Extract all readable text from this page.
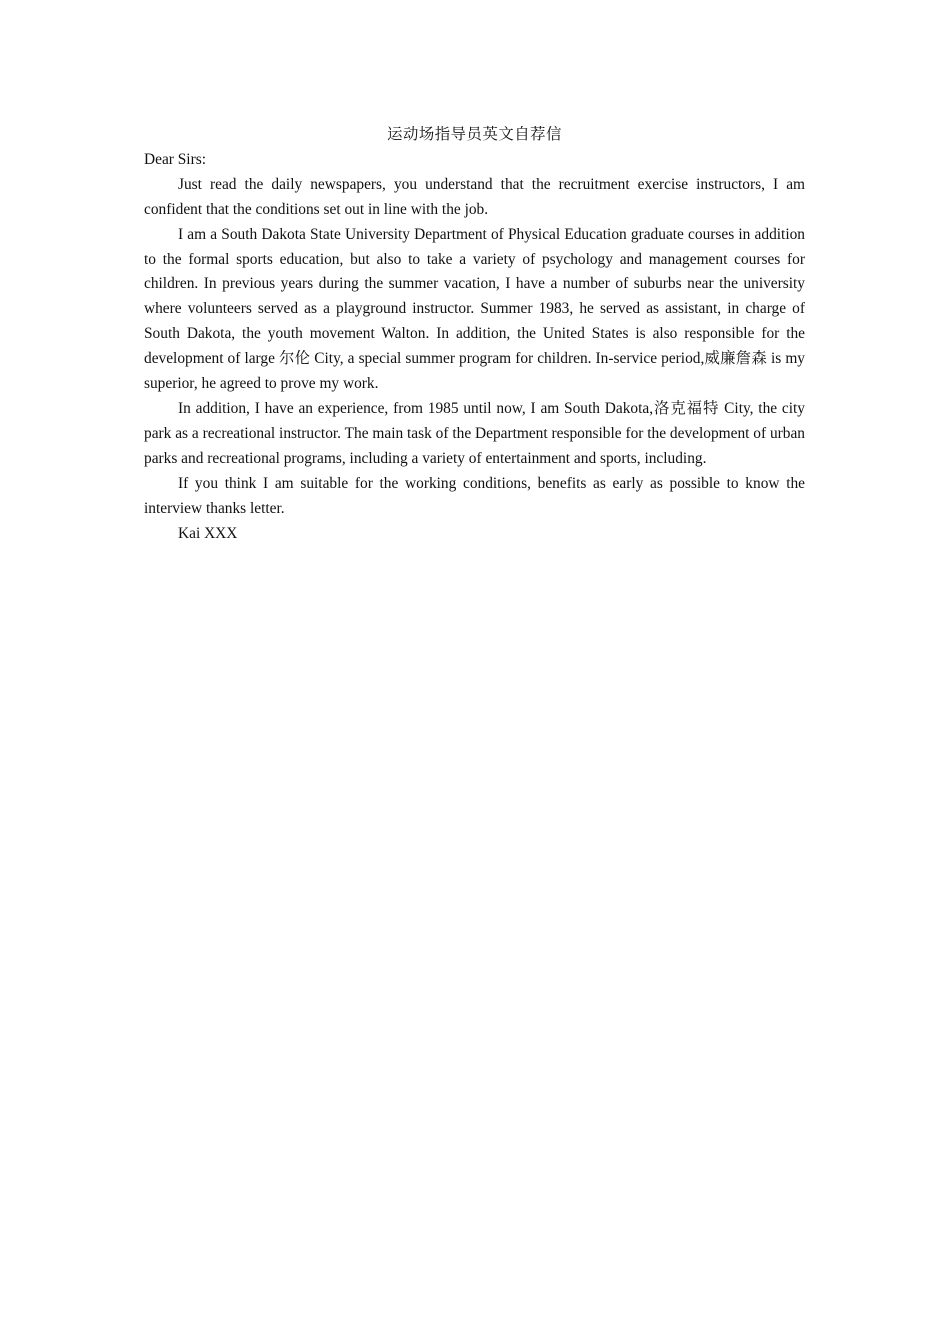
运动场指导员英文自荐信

Dear Sirs:

Just read the daily newspapers, you understand that the recruitment exercise instructors, I am confident that the conditions set out in line with the job.

I am a South Dakota State University Department of Physical Education graduate courses in addition to the formal sports education, but also to take a variety of psychology and management courses for children. In previous years during the summer vacation, I have a number of suburbs near the university where volunteers served as a playground instructor. Summer 1983, he served as assistant, in charge of South Dakota, the youth movement Walton. In addition, the United States is also responsible for the development of large 尔伦 City, a special summer program for children. In-service period,威廉詹森 is my superior, he agreed to prove my work.

In addition, I have an experience, from 1985 until now, I am South Dakota,洛克福特 City, the city park as a recreational instructor. The main task of the Department responsible for the development of urban parks and recreational programs, including a variety of entertainment and sports, including.

If you think I am suitable for the working conditions, benefits as early as possible to know the interview thanks letter.

Kai XXX
